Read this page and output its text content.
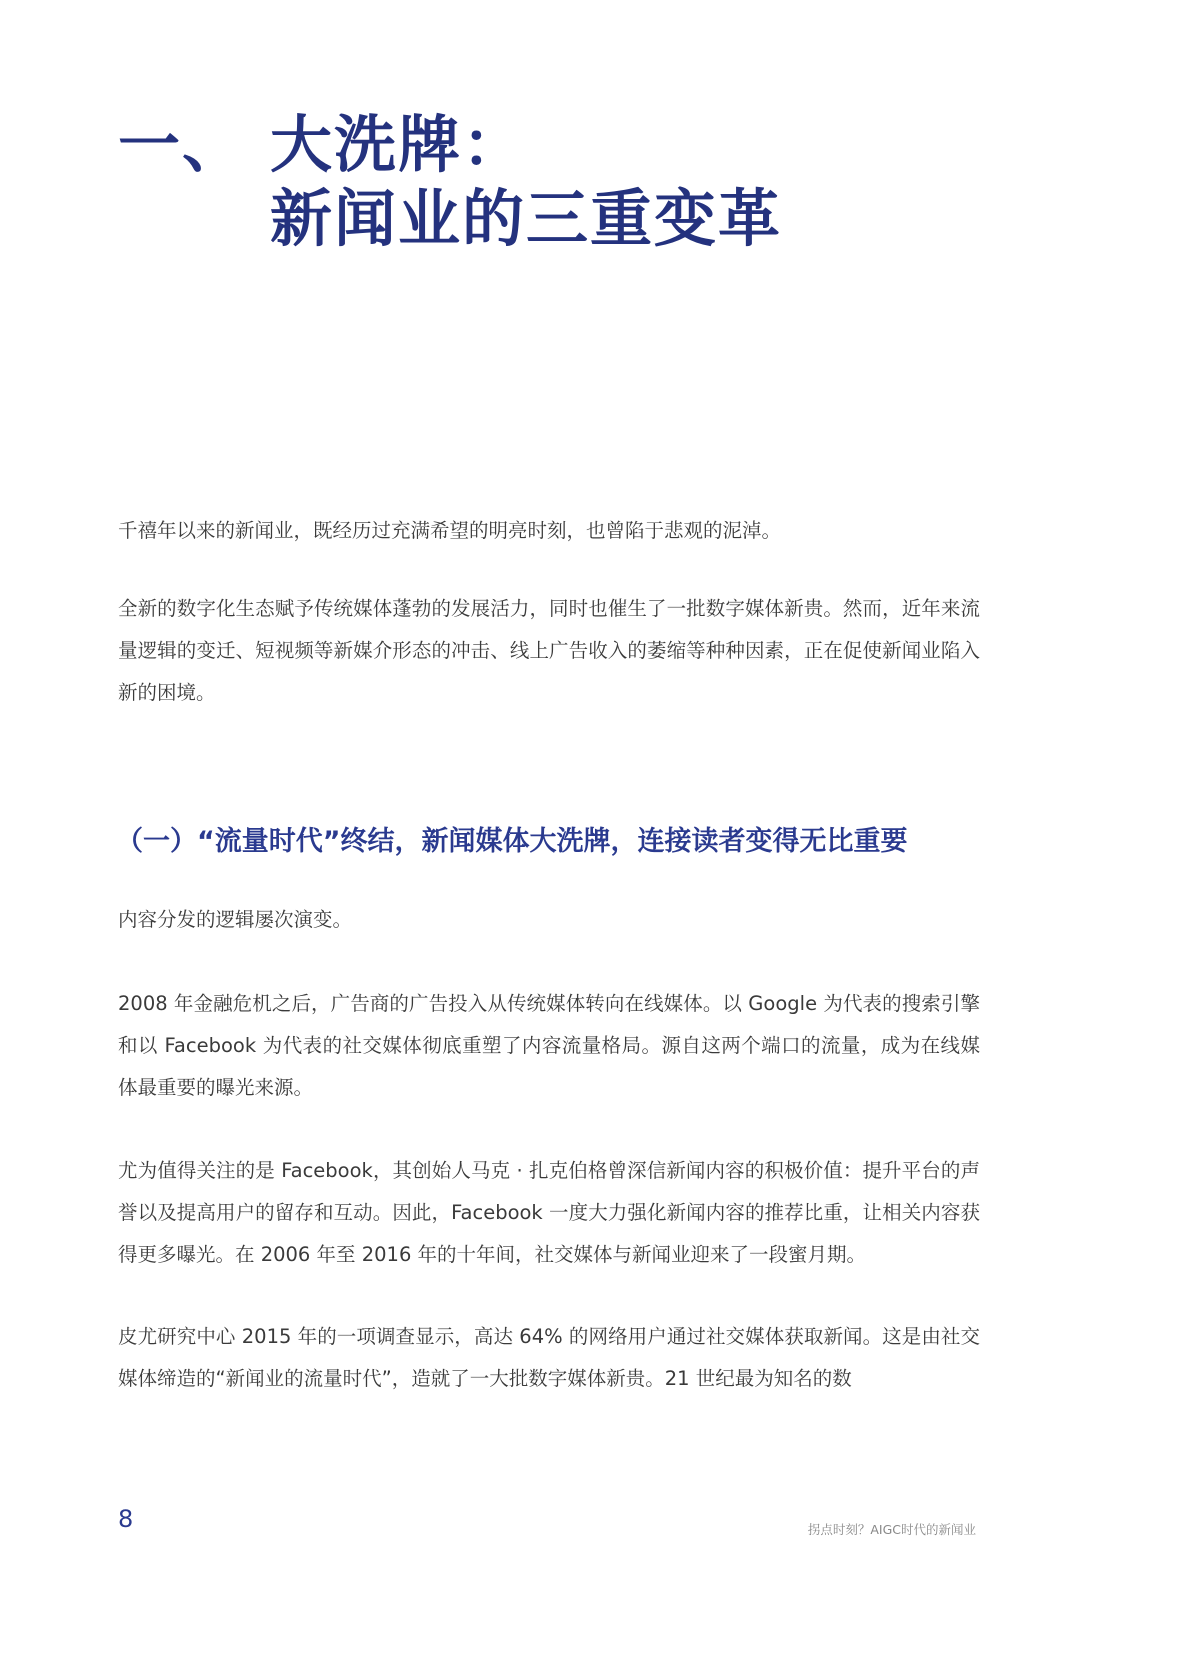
一、 大洗牌：
新闻业的三重变革

千禧年以来的新闻业，既经历过充满希望的明亮时刻，也曾陷于悲观的泥淖。

全新的数字化生态赋予传统媒体蓬勃的发展活力，同时也催生了一批数字媒体新贵。然而，近年来流量逻辑的变迁、短视频等新媒介形态的冲击、线上广告收入的萎缩等种种因素，正在促使新闻业陷入新的困境。

（一）“流量时代”终结，新闻媒体大洗牌，连接读者变得无比重要

内容分发的逻辑屡次演变。

2008 年金融危机之后，广告商的广告投入从传统媒体转向在线媒体。以 Google 为代表的搜索引擎和以 Facebook 为代表的社交媒体彻底重塑了内容流量格局。源自这两个端口的流量，成为在线媒体最重要的曝光来源。

尤为值得关注的是 Facebook，其创始人马克 · 扎克伯格曾深信新闻内容的积极价值：提升平台的声誉以及提高用户的留存和互动。因此，Facebook 一度大力强化新闻内容的推荐比重，让相关内容获得更多曝光。在 2006 年至 2016 年的十年间，社交媒体与新闻业迎来了一段蜜月期。

皮尤研究中心 2015 年的一项调查显示，高达 64% 的网络用户通过社交媒体获取新闻。这是由社交媒体缔造的“新闻业的流量时代”，造就了一大批数字媒体新贵。21 世纪最为知名的数

8	拐点时刻？AIGC时代的新闻业
